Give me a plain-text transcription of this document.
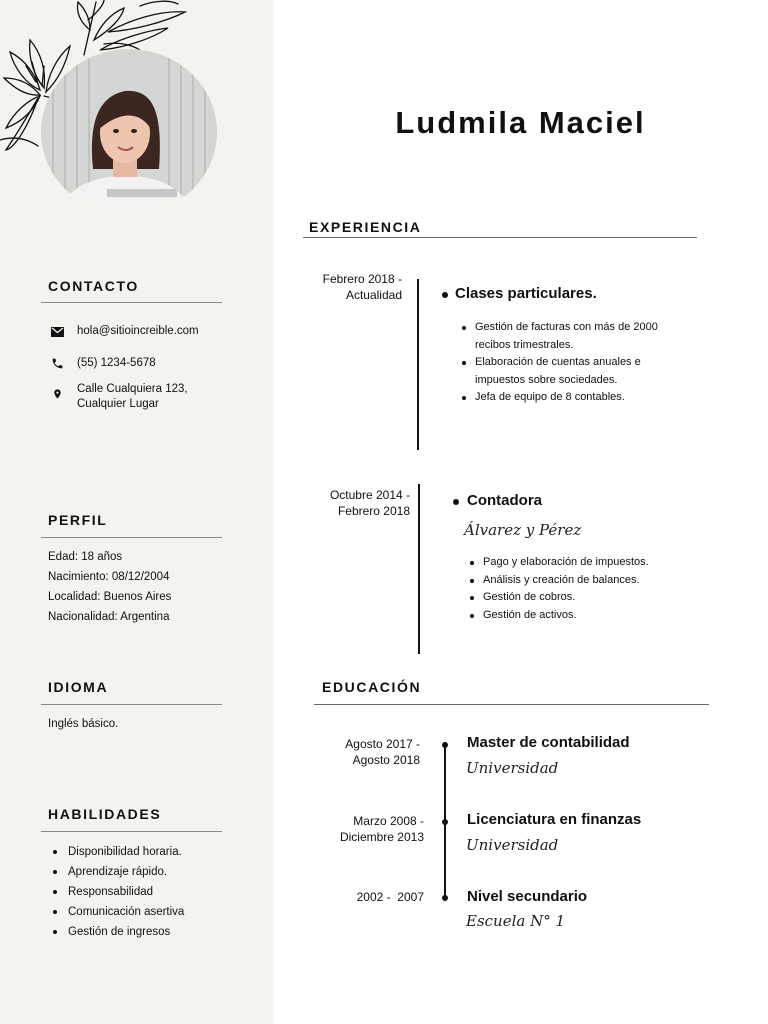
CONTACTO
hola@sitioincreible.com
(55) 1234-5678
Calle Cualquiera 123, Cualquier Lugar
PERFIL
Edad: 18 años
Nacimiento: 08/12/2004
Localidad: Buenos Aires
Nacionalidad: Argentina
IDIOMA
Inglés básico.
HABILIDADES
Disponibilidad horaria.
Aprendizaje rápido.
Responsabilidad
Comunicación asertiva
Gestión de ingresos
Ludmila Maciel
EXPERIENCIA
Febrero 2018 -
Actualidad	Clases particulares.
Gestión de facturas con más de 2000 recibos trimestrales.
Elaboración de cuentas anuales e impuestos sobre sociedades.
Jefa de equipo de 8 contables.
Octubre 2014 -
Febrero 2018
Contadora
Álvarez y Pérez
Pago y elaboración de impuestos.
Análisis y creación de balances.
Gestión de cobros.
Gestión de activos.
EDUCACIÓN
Agosto 2017 -
Agosto 2018
Master de contabilidad
Universidad
Marzo 2008 -
Diciembre 2013
Licenciatura en finanzas
Universidad
2002 -  2007	Nivel secundario
Escuela N° 1
